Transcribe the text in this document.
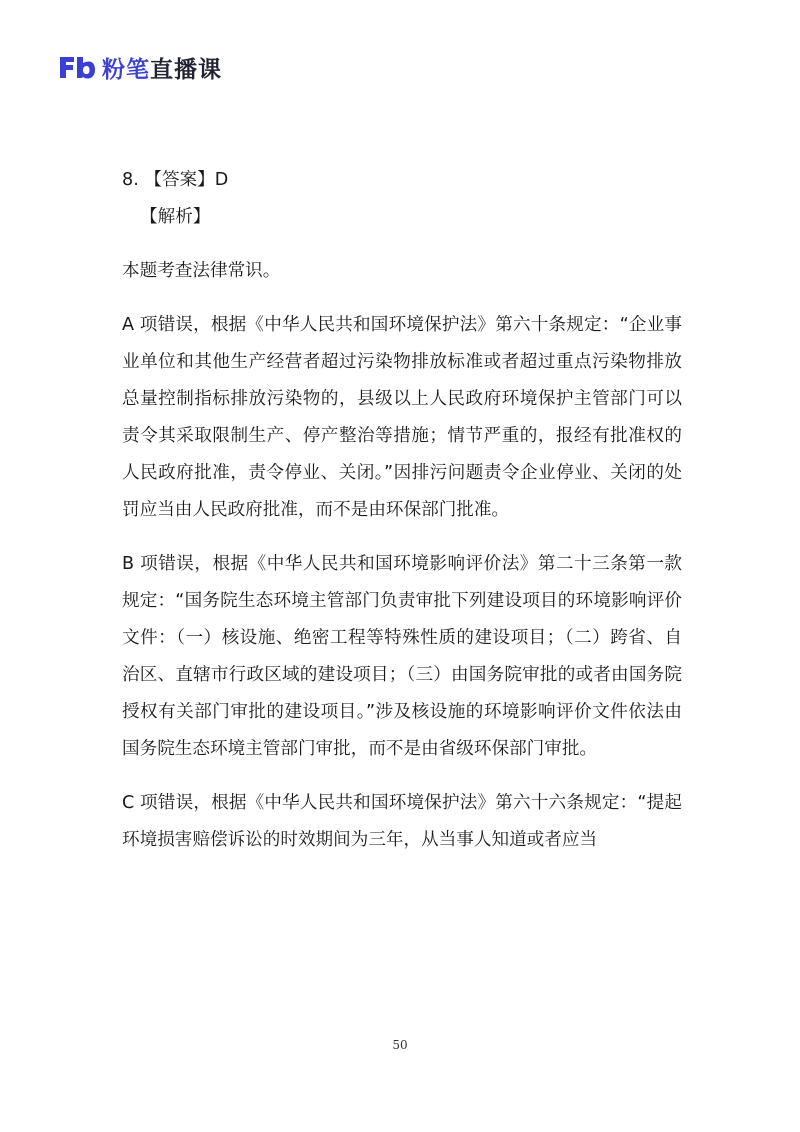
粉笔直播课

8. 【答案】D

【解析】

本题考查法律常识。

A 项错误，根据《中华人民共和国环境保护法》第六十条规定：“企业事业单位和其他生产经营者超过污染物排放标准或者超过重点污染物排放总量控制指标排放污染物的，县级以上人民政府环境保护主管部门可以责令其采取限制生产、停产整治等措施；情节严重的，报经有批准权的人民政府批准，责令停业、关闭。”因排污问题责令企业停业、关闭的处罚应当由人民政府批准，而不是由环保部门批准。

B 项错误，根据《中华人民共和国环境影响评价法》第二十三条第一款规定：“国务院生态环境主管部门负责审批下列建设项目的环境影响评价文件：（一）核设施、绝密工程等特殊性质的建设项目；（二）跨省、自治区、直辖市行政区域的建设项目；（三）由国务院审批的或者由国务院授权有关部门审批的建设项目。”涉及核设施的环境影响评价文件依法由国务院生态环境主管部门审批，而不是由省级环保部门审批。

C 项错误，根据《中华人民共和国环境保护法》第六十六条规定：“提起环境损害赔偿诉讼的时效期间为三年，从当事人知道或者应当

50
